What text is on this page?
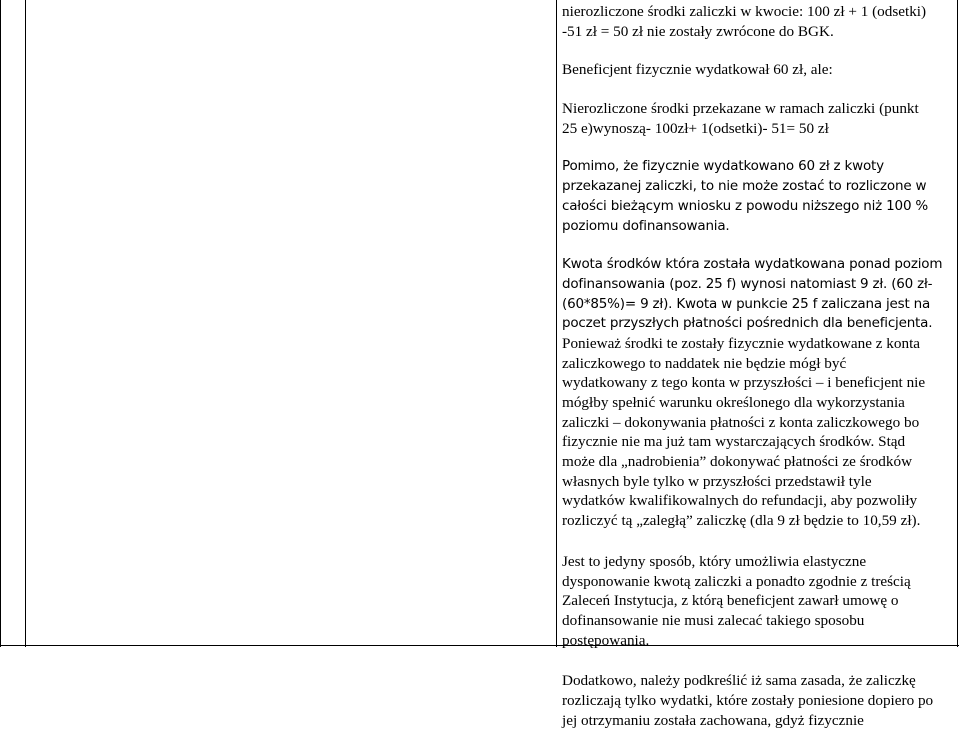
nierozliczone środki zaliczki w kwocie: 100 zł + 1 (odsetki)
-51 zł = 50 zł nie zostały zwrócone do BGK.
Beneficjent fizycznie wydatkował 60 zł, ale:
Nierozliczone środki przekazane w ramach zaliczki (punkt
25 e)wynoszą- 100zł+ 1(odsetki)- 51= 50 zł
Pomimo, że fizycznie wydatkowano 60 zł z kwoty
przekazanej zaliczki, to nie może zostać to rozliczone w
całości bieżącym wniosku z powodu niższego niż 100 %
poziomu dofinansowania.
Kwota środków która została wydatkowana ponad poziom
dofinansowania (poz. 25 f) wynosi natomiast 9 zł. (60 zł-
(60*85%)= 9 zł). Kwota w punkcie 25 f zaliczana jest na
poczet przyszłych płatności pośrednich dla beneficjenta.
Ponieważ środki te zostały fizycznie wydatkowane z konta
zaliczkowego to naddatek nie będzie mógł być
wydatkowany z tego konta w przyszłości – i beneficjent nie
mógłby spełnić warunku określonego dla wykorzystania
zaliczki – dokonywania płatności z konta zaliczkowego bo
fizycznie nie ma już tam wystarczających środków. Stąd
może dla „nadrobienia” dokonywać płatności ze środków
własnych byle tylko w przyszłości przedstawił tyle
wydatków kwalifikowalnych do refundacji, aby pozwoliły
rozliczyć tą „zaległą” zaliczkę (dla 9 zł będzie to 10,59 zł).
Jest to jedyny sposób, który umożliwia elastyczne
dysponowanie kwotą zaliczki a ponadto zgodnie z treścią
Zaleceń Instytucja, z którą beneficjent zawarł umowę o
dofinansowanie nie musi zalecać takiego sposobu
postępowania.
Dodatkowo, należy podkreślić iż sama zasada, że zaliczkę
rozliczają tylko wydatki, które zostały poniesione dopiero po
jej otrzymaniu została zachowana, gdyż fizycznie
